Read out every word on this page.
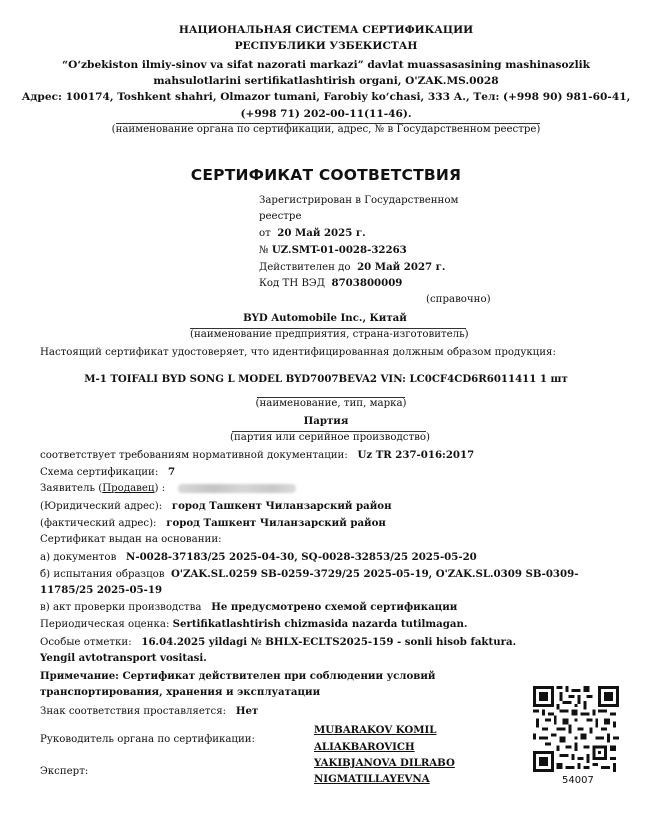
НАЦИОНАЛЬНАЯ СИСТЕМА СЕРТИФИКАЦИИ
РЕСПУБЛИКИ УЗБЕКИСТАН
“O‘zbekiston ilmiy-sinov va sifat nazorati markazi” davlat muassasasining mashinasozlik
mahsulotlarini sertifikatlashtirish organi, O'ZAK.MS.0028
Адрес: 100174, Toshkent shahri, Olmazor tumani, Farobiy ko‘chasi, 333 А., Тел: (+998 90) 981-60-41,
(+998 71) 202-00-11(11-46).
(наименование органа по сертификации, адрес, № в Государственном реестре)
СЕРТИФИКАТ СООТВЕТСТВИЯ
Зарегистрирован в Государственном
реестре
от 20 Май 2025 г.
№ UZ.SMT-01-0028-32263
Действителен до 20 Май 2027 г.
Код ТН ВЭД 8703800009
(справочно)
BYD Automobile Inc., Китай
(наименование предприятия, страна-изготовитель)
Настоящий сертификат удостоверяет, что идентифицированная должным образом продукция:
M-1 TOIFALI BYD SONG L MODEL BYD7007BEVA2 VIN: LC0CF4CD6R6011411 1 шт
(наименование, тип, марка)
Партия
(партия или серийное производство)
соответствует требованиям нормативной документации: Uz TR 237-016:2017
Схема сертификации: 7
Заявитель (Продавец) :
(Юридический адрес): город Ташкент Чиланзарский район
(фактический адрес): город Ташкент Чиланзарский район
Сертификат выдан на основании:
а) документов N-0028-37183/25 2025-04-30, SQ-0028-32853/25 2025-05-20
б) испытания образцов O'ZAK.SL.0259 SB-0259-3729/25 2025-05-19, O'ZAK.SL.0309 SB-0309-
11785/25 2025-05-19
в) акт проверки производства Не предусмотрено схемой сертификации
Периодическая оценка: Sertifikatlashtirish chizmasida nazarda tutilmagan.
Особые отметки: 16.04.2025 yildagi № BHLX-ECLTS2025-159 - sonli hisob faktura.
Yengil avtotransport vositasi.
Примечание: Сертификат действителен при соблюдении условий
транспортирования, хранения и эксплуатации
Знак соответствия проставляется: Нет
Руководитель органа по сертификации:
MUBARAKOV KOMIL
ALIAKBAROVICH
Эксперт:
YAKIBJANOVA DILRABO
NIGMATILLAYEVNA	54007
